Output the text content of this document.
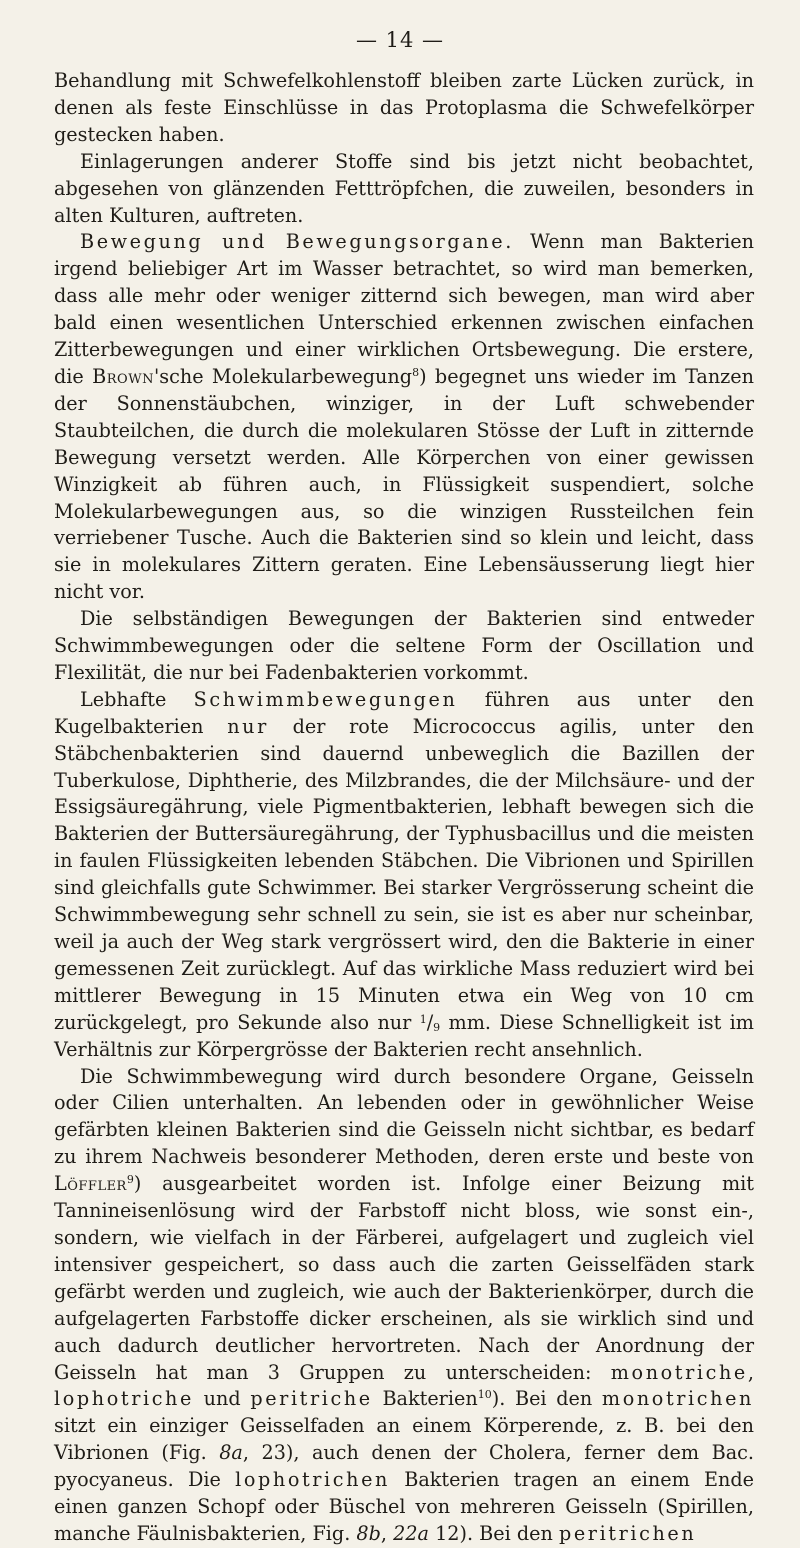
— 14 —

Behandlung mit Schwefelkohlenstoff bleiben zarte Lücken zurück, in denen als feste Einschlüsse in das Protoplasma die Schwefelkörper gestecken haben.

Einlagerungen anderer Stoffe sind bis jetzt nicht beobachtet, abgesehen von glänzenden Fetttröpfchen, die zuweilen, besonders in alten Kulturen, auftreten.

Bewegung und Bewegungsorgane. Wenn man Bakterien irgend beliebiger Art im Wasser betrachtet, so wird man bemerken, dass alle mehr oder weniger zitternd sich bewegen, man wird aber bald einen wesentlichen Unterschied erkennen zwischen einfachen Zitterbewegungen und einer wirklichen Ortsbewegung. Die erstere, die Brown'sche Molekularbewegung$^8$) begegnet uns wieder im Tanzen der Sonnenstäubchen, winziger, in der Luft schwebender Staubteilchen, die durch die molekularen Stösse der Luft in zitternde Bewegung versetzt werden. Alle Körperchen von einer gewissen Winzigkeit ab führen auch, in Flüssigkeit suspendiert, solche Molekularbewegungen aus, so die winzigen Russteilchen fein verriebener Tusche. Auch die Bakterien sind so klein und leicht, dass sie in molekulares Zittern geraten. Eine Lebensäusserung liegt hier nicht vor.

Die selbständigen Bewegungen der Bakterien sind entweder Schwimmbewegungen oder die seltene Form der Oscillation und Flexilität, die nur bei Fadenbakterien vorkommt.

Lebhafte Schwimmbewegungen führen aus unter den Kugelbakterien nur der rote Micrococcus agilis, unter den Stäbchenbakterien sind dauernd unbeweglich die Bazillen der Tuberkulose, Diphtherie, des Milzbrandes, die der Milchsäure- und der Essigsäuregährung, viele Pigmentbakterien, lebhaft bewegen sich die Bakterien der Buttersäuregährung, der Typhusbacillus und die meisten in faulen Flüssigkeiten lebenden Stäbchen. Die Vibrionen und Spirillen sind gleichfalls gute Schwimmer. Bei starker Vergrösserung scheint die Schwimmbewegung sehr schnell zu sein, sie ist es aber nur scheinbar, weil ja auch der Weg stark vergrössert wird, den die Bakterie in einer gemessenen Zeit zurücklegt. Auf das wirkliche Mass reduziert wird bei mittlerer Bewegung in 15 Minuten etwa ein Weg von 10 cm zurückgelegt, pro Sekunde also nur $^1/_9$ mm. Diese Schnelligkeit ist im Verhältnis zur Körpergrösse der Bakterien recht ansehnlich.

Die Schwimmbewegung wird durch besondere Organe, Geisseln oder Cilien unterhalten. An lebenden oder in gewöhnlicher Weise gefärbten kleinen Bakterien sind die Geisseln nicht sichtbar, es bedarf zu ihrem Nachweis besonderer Methoden, deren erste und beste von Löffler$^9$) ausgearbeitet worden ist. Infolge einer Beizung mit Tannineisenlösung wird der Farbstoff nicht bloss, wie sonst ein-, sondern, wie vielfach in der Färberei, aufgelagert und zugleich viel intensiver gespeichert, so dass auch die zarten Geisselfäden stark gefärbt werden und zugleich, wie auch der Bakterienkörper, durch die aufgelagerten Farbstoffe dicker erscheinen, als sie wirklich sind und auch dadurch deutlicher hervortreten. Nach der Anordnung der Geisseln hat man 3 Gruppen zu unterscheiden: monotriche, lophotriche und peritriche Bakterien$^{10}$). Bei den monotrichen sitzt ein einziger Geisselfaden an einem Körperende, z. B. bei den Vibrionen (Fig. 8a, 23), auch denen der Cholera, ferner dem Bac. pyocyaneus. Die lophotrichen Bakterien tragen an einem Ende einen ganzen Schopf oder Büschel von mehreren Geisseln (Spirillen, manche Fäulnisbakterien, Fig. 8b, 22a 12). Bei den peritrichen
